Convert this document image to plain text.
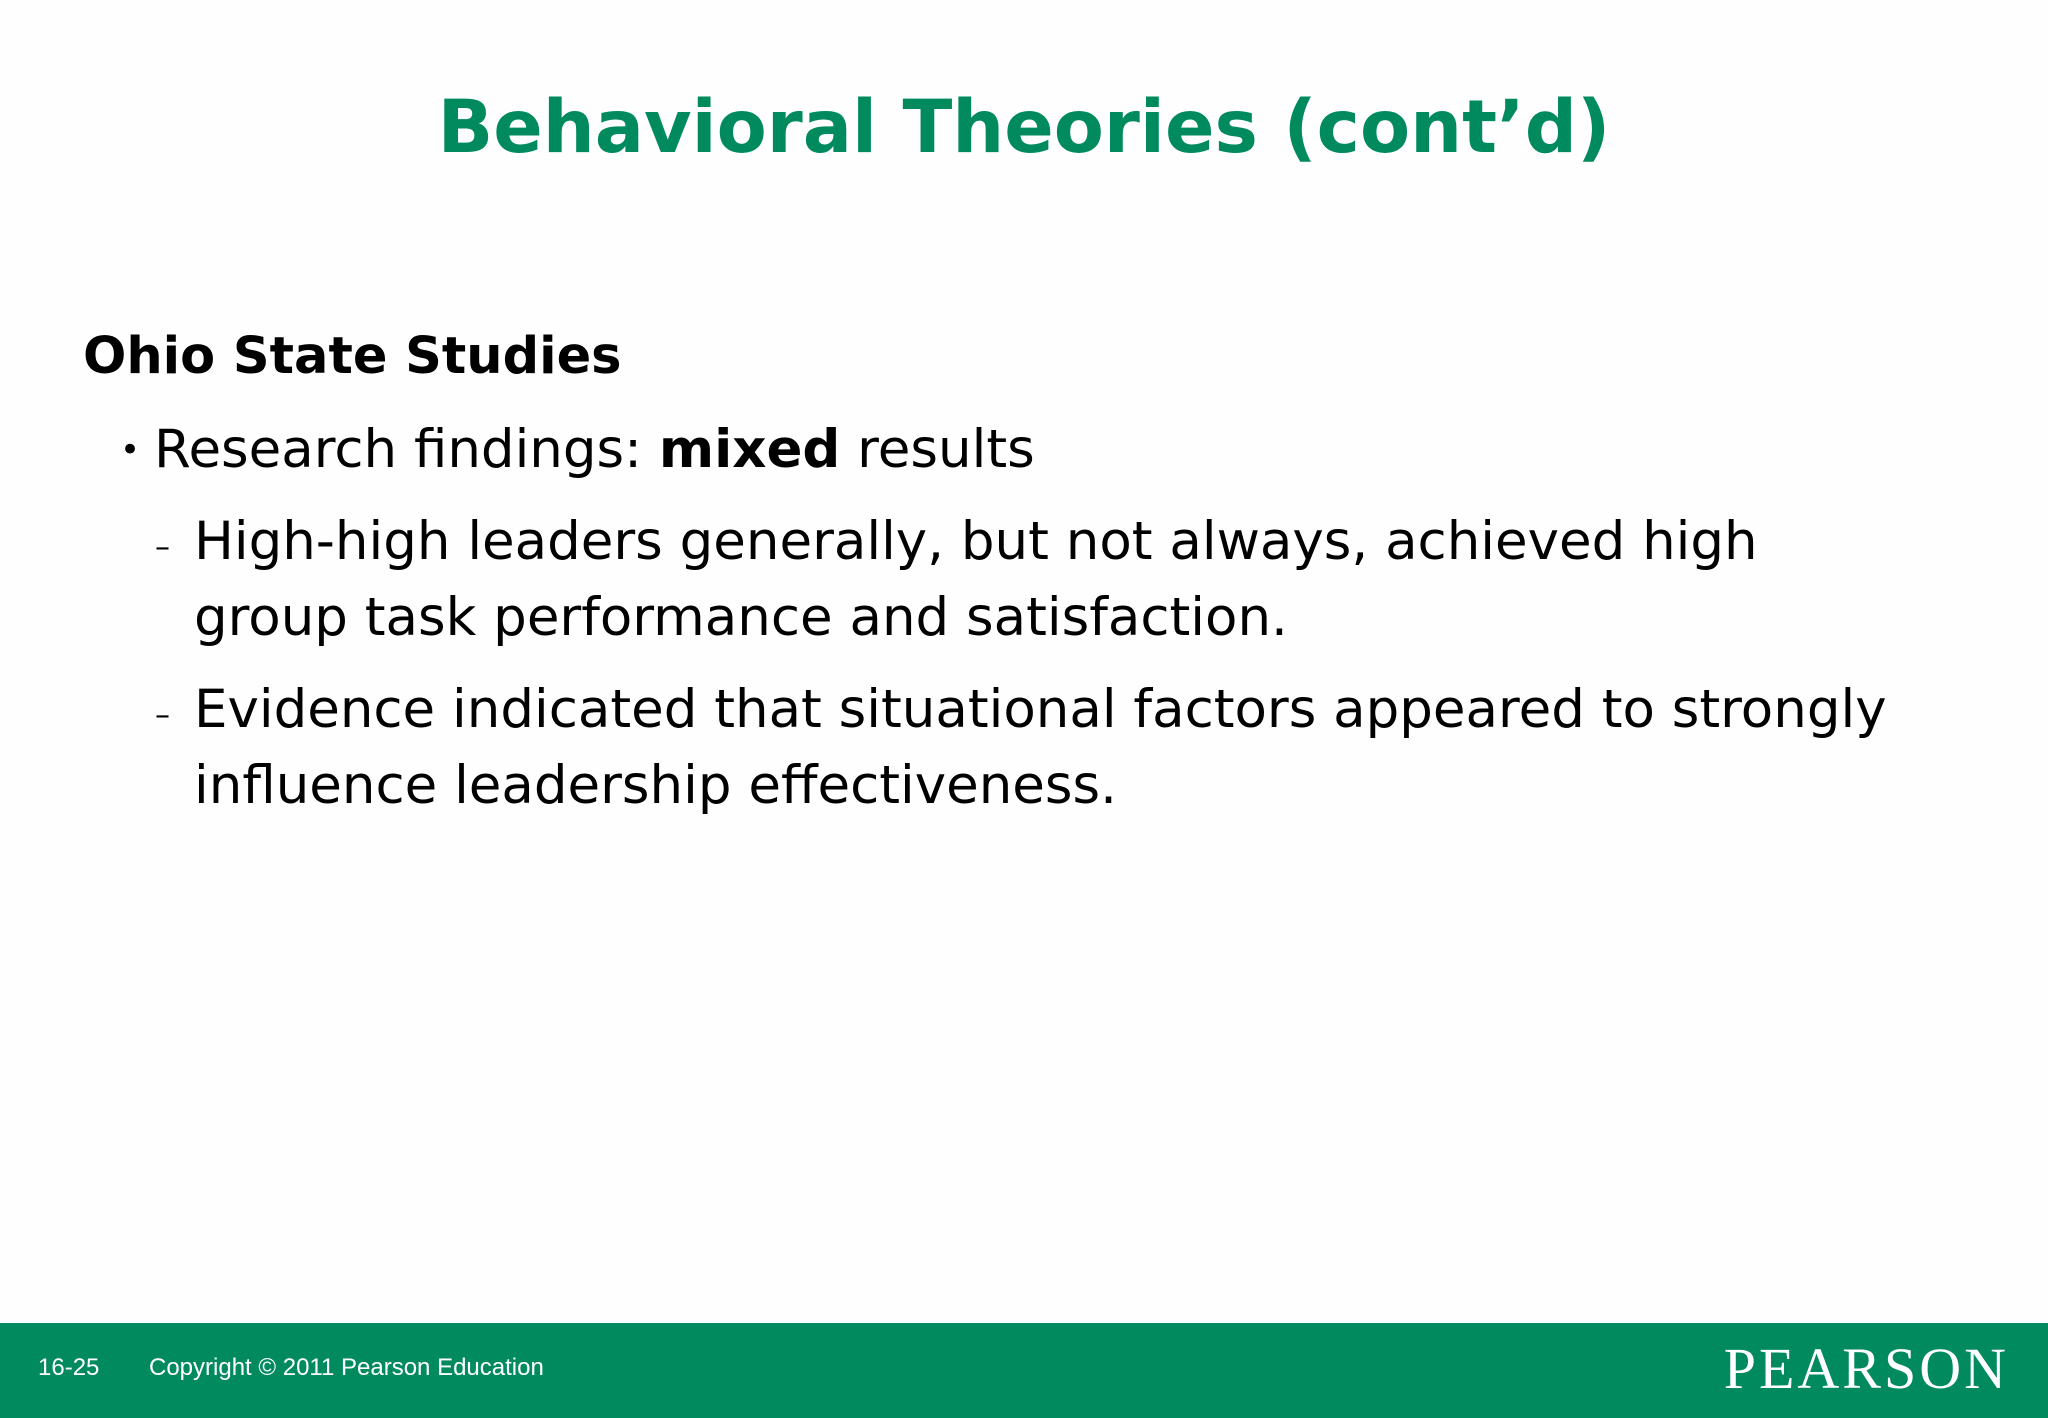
Behavioral Theories (cont’d)
Ohio State Studies
• Research findings: mixed results
– High-high leaders generally, but not always, achieved high group task performance and satisfaction.
– Evidence indicated that situational factors appeared to strongly influence leadership effectiveness.
16-25 Copyright © 2011 Pearson Education	PEARSON
